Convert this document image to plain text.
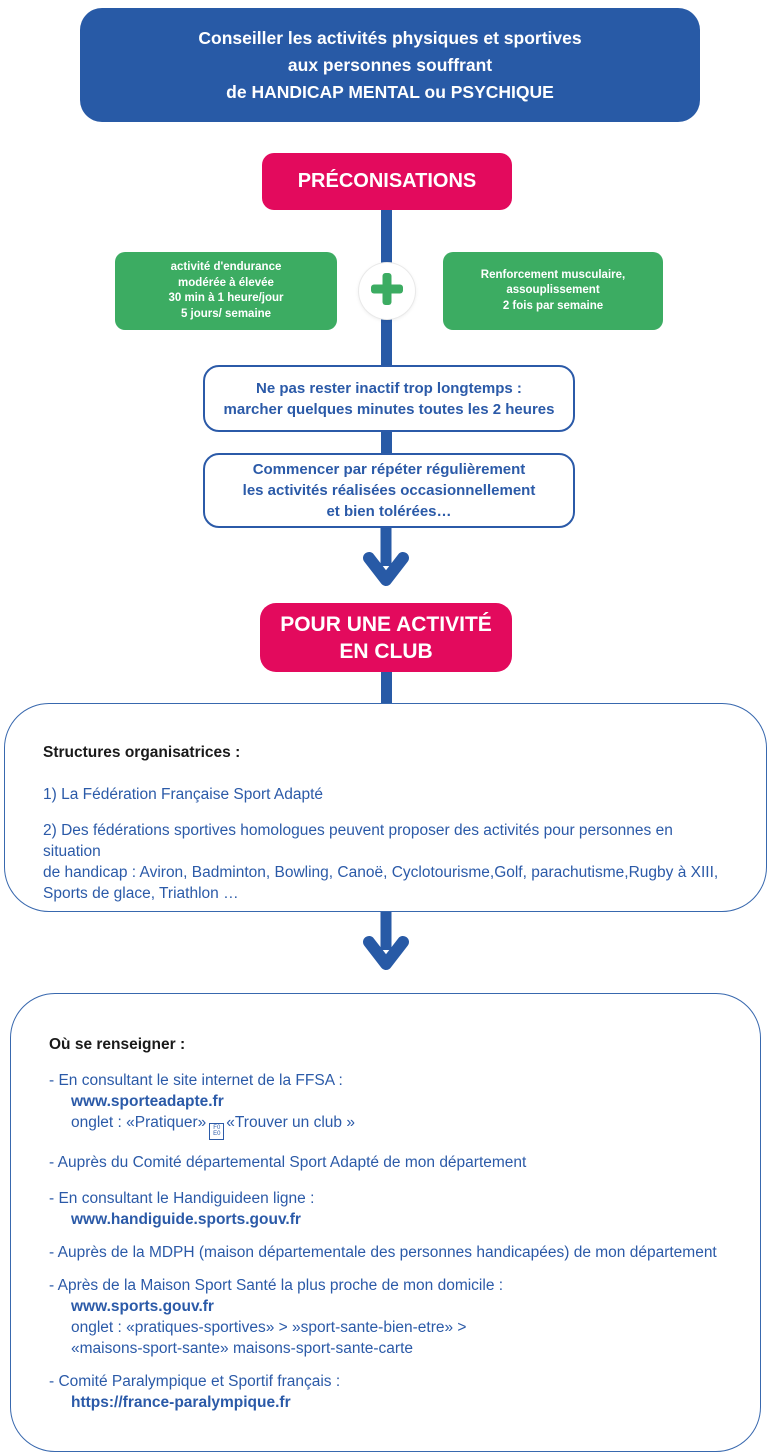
Conseiller les activités physiques et sportives
aux personnes souffrant
de HANDICAP MENTAL ou PSYCHIQUE
PRÉCONISATIONS
activité d'endurance
modérée à élevée
30 min à 1 heure/jour
5 jours/ semaine
Renforcement musculaire,
assouplissement
2 fois par semaine
Ne pas rester inactif trop longtemps :
marcher quelques minutes toutes les 2 heures
Commencer par répéter régulièrement
les activités réalisées occasionnellement
et bien tolérées…
POUR UNE ACTIVITÉ
EN CLUB
Structures organisatrices :
1) La Fédération Française Sport Adapté
2) Des fédérations sportives homologues peuvent proposer des activités pour personnes en situation
de handicap : Aviron, Badminton, Bowling, Canoë, Cyclotourisme,Golf, parachutisme,Rugby à XIII,
Sports de glace, Triathlon …
Où se renseigner :
- En consultant le site internet de la FFSA :
www.sporteadapte.fr
onglet : «Pratiquer» F0
E0
«Trouver un club »
- Auprès du Comité départemental Sport Adapté de mon département
- En consultant le Handiguideen ligne :
www.handiguide.sports.gouv.fr
- Auprès de la MDPH (maison départementale des personnes handicapées) de mon département
- Après de la Maison Sport Santé la plus proche de mon domicile :
www.sports.gouv.fr
onglet : «pratiques-sportives» > »sport-sante-bien-etre» >
«maisons-sport-sante» maisons-sport-sante-carte
- Comité Paralympique et Sportif français :
https://france-paralympique.fr
